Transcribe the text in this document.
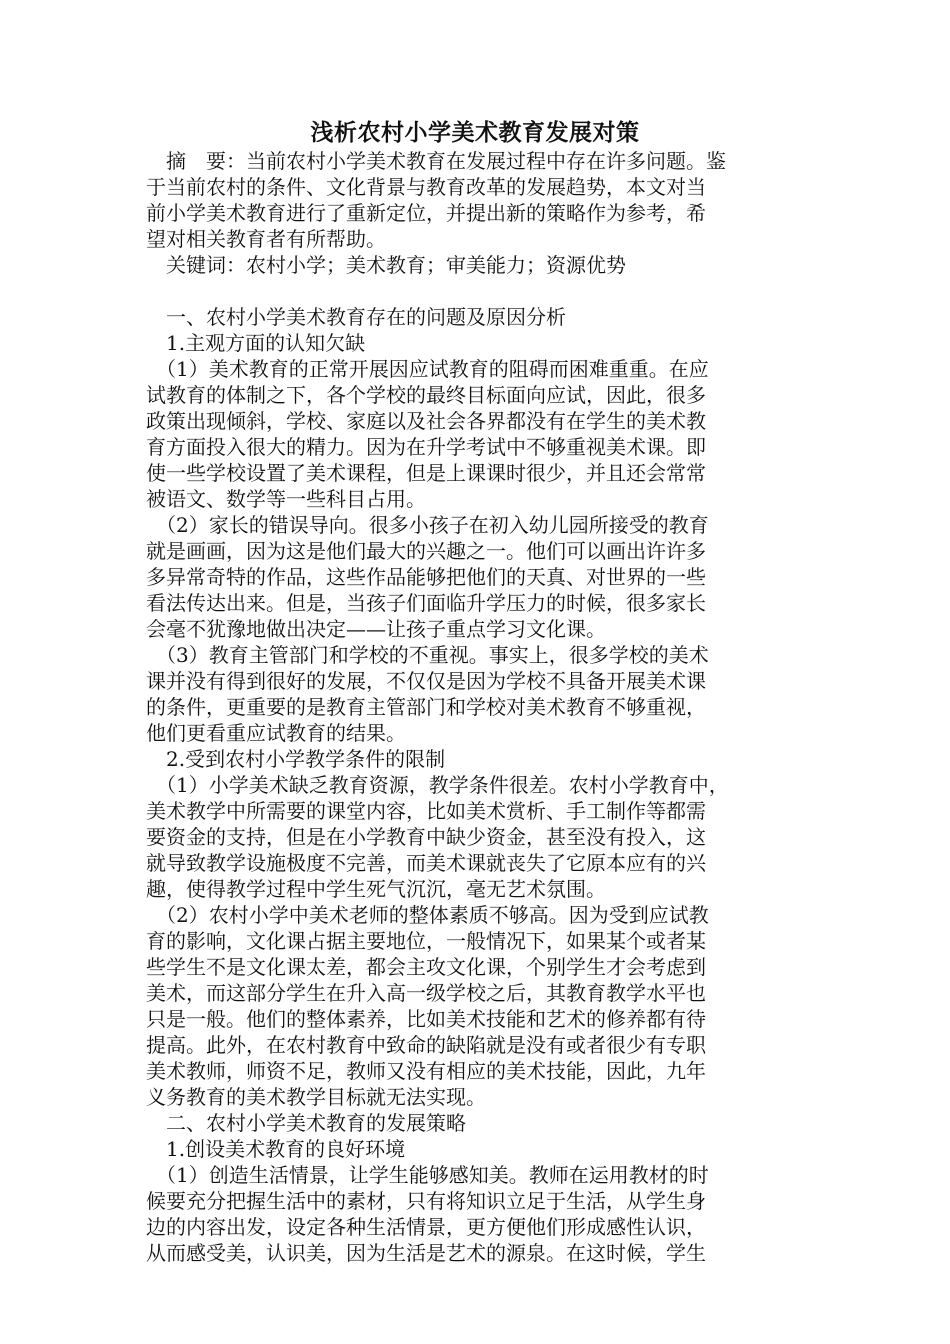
浅析农村小学美术教育发展对策
　摘　要：当前农村小学美术教育在发展过程中存在许多问题。鉴
于当前农村的条件、文化背景与教育改革的发展趋势，本文对当
前小学美术教育进行了重新定位，并提出新的策略作为参考，希
望对相关教育者有所帮助。
　关键词：农村小学；美术教育；审美能力；资源优势
　一、农村小学美术教育存在的问题及原因分析
　1.主观方面的认知欠缺
　（1）美术教育的正常开展因应试教育的阻碍而困难重重。在应
试教育的体制之下，各个学校的最终目标面向应试，因此，很多
政策出现倾斜，学校、家庭以及社会各界都没有在学生的美术教
育方面投入很大的精力。因为在升学考试中不够重视美术课。即
使一些学校设置了美术课程，但是上课课时很少，并且还会常常
被语文、数学等一些科目占用。
　（2）家长的错误导向。很多小孩子在初入幼儿园所接受的教育
就是画画，因为这是他们最大的兴趣之一。他们可以画出许许多
多异常奇特的作品，这些作品能够把他们的天真、对世界的一些
看法传达出来。但是，当孩子们面临升学压力的时候，很多家长
会毫不犹豫地做出决定——让孩子重点学习文化课。
　（3）教育主管部门和学校的不重视。事实上，很多学校的美术
课并没有得到很好的发展，不仅仅是因为学校不具备开展美术课
的条件，更重要的是教育主管部门和学校对美术教育不够重视，
他们更看重应试教育的结果。
　2.受到农村小学教学条件的限制
　（1）小学美术缺乏教育资源，教学条件很差。农村小学教育中，
美术教学中所需要的课堂内容，比如美术赏析、手工制作等都需
要资金的支持，但是在小学教育中缺少资金，甚至没有投入，这
就导致教学设施极度不完善，而美术课就丧失了它原本应有的兴
趣，使得教学过程中学生死气沉沉，毫无艺术氛围。
　（2）农村小学中美术老师的整体素质不够高。因为受到应试教
育的影响，文化课占据主要地位，一般情况下，如果某个或者某
些学生不是文化课太差，都会主攻文化课，个别学生才会考虑到
美术，而这部分学生在升入高一级学校之后，其教育教学水平也
只是一般。他们的整体素养，比如美术技能和艺术的修养都有待
提高。此外，在农村教育中致命的缺陷就是没有或者很少有专职
美术教师，师资不足，教师又没有相应的美术技能，因此，九年
义务教育的美术教学目标就无法实现。
　二、农村小学美术教育的发展策略
　1.创设美术教育的良好环境
　（1）创造生活情景，让学生能够感知美。教师在运用教材的时
候要充分把握生活中的素材，只有将知识立足于生活，从学生身
边的内容出发，设定各种生活情景，更方便他们形成感性认识，
从而感受美，认识美，因为生活是艺术的源泉。在这时候，学生
